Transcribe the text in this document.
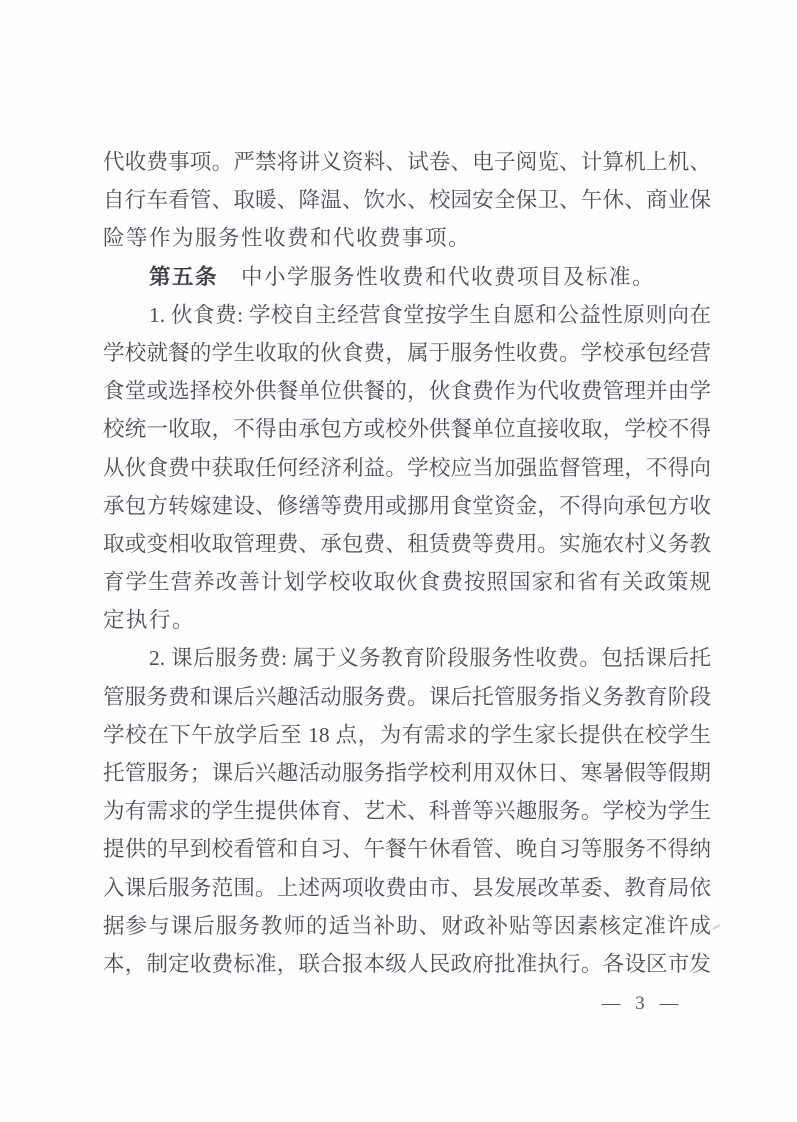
代收费事项。严禁将讲义资料、试卷、电子阅览、计算机上机、
自行车看管、取暖、降温、饮水、校园安全保卫、午休、商业保
险等作为服务性收费和代收费事项。
第五条　中小学服务性收费和代收费项目及标准。
1. 伙食费: 学校自主经营食堂按学生自愿和公益性原则向在
学校就餐的学生收取的伙食费，属于服务性收费。学校承包经营
食堂或选择校外供餐单位供餐的，伙食费作为代收费管理并由学
校统一收取，不得由承包方或校外供餐单位直接收取，学校不得
从伙食费中获取任何经济利益。学校应当加强监督管理，不得向
承包方转嫁建设、修缮等费用或挪用食堂资金，不得向承包方收
取或变相收取管理费、承包费、租赁费等费用。实施农村义务教
育学生营养改善计划学校收取伙食费按照国家和省有关政策规
定执行。
2. 课后服务费: 属于义务教育阶段服务性收费。包括课后托
管服务费和课后兴趣活动服务费。课后托管服务指义务教育阶段
学校在下午放学后至 18 点，为有需求的学生家长提供在校学生
托管服务；课后兴趣活动服务指学校利用双休日、寒暑假等假期
为有需求的学生提供体育、艺术、科普等兴趣服务。学校为学生
提供的早到校看管和自习、午餐午休看管、晚自习等服务不得纳
入课后服务范围。上述两项收费由市、县发展改革委、教育局依
据参与课后服务教师的适当补助、财政补贴等因素核定准许成
本，制定收费标准，联合报本级人民政府批准执行。各设区市发
— 3 —
